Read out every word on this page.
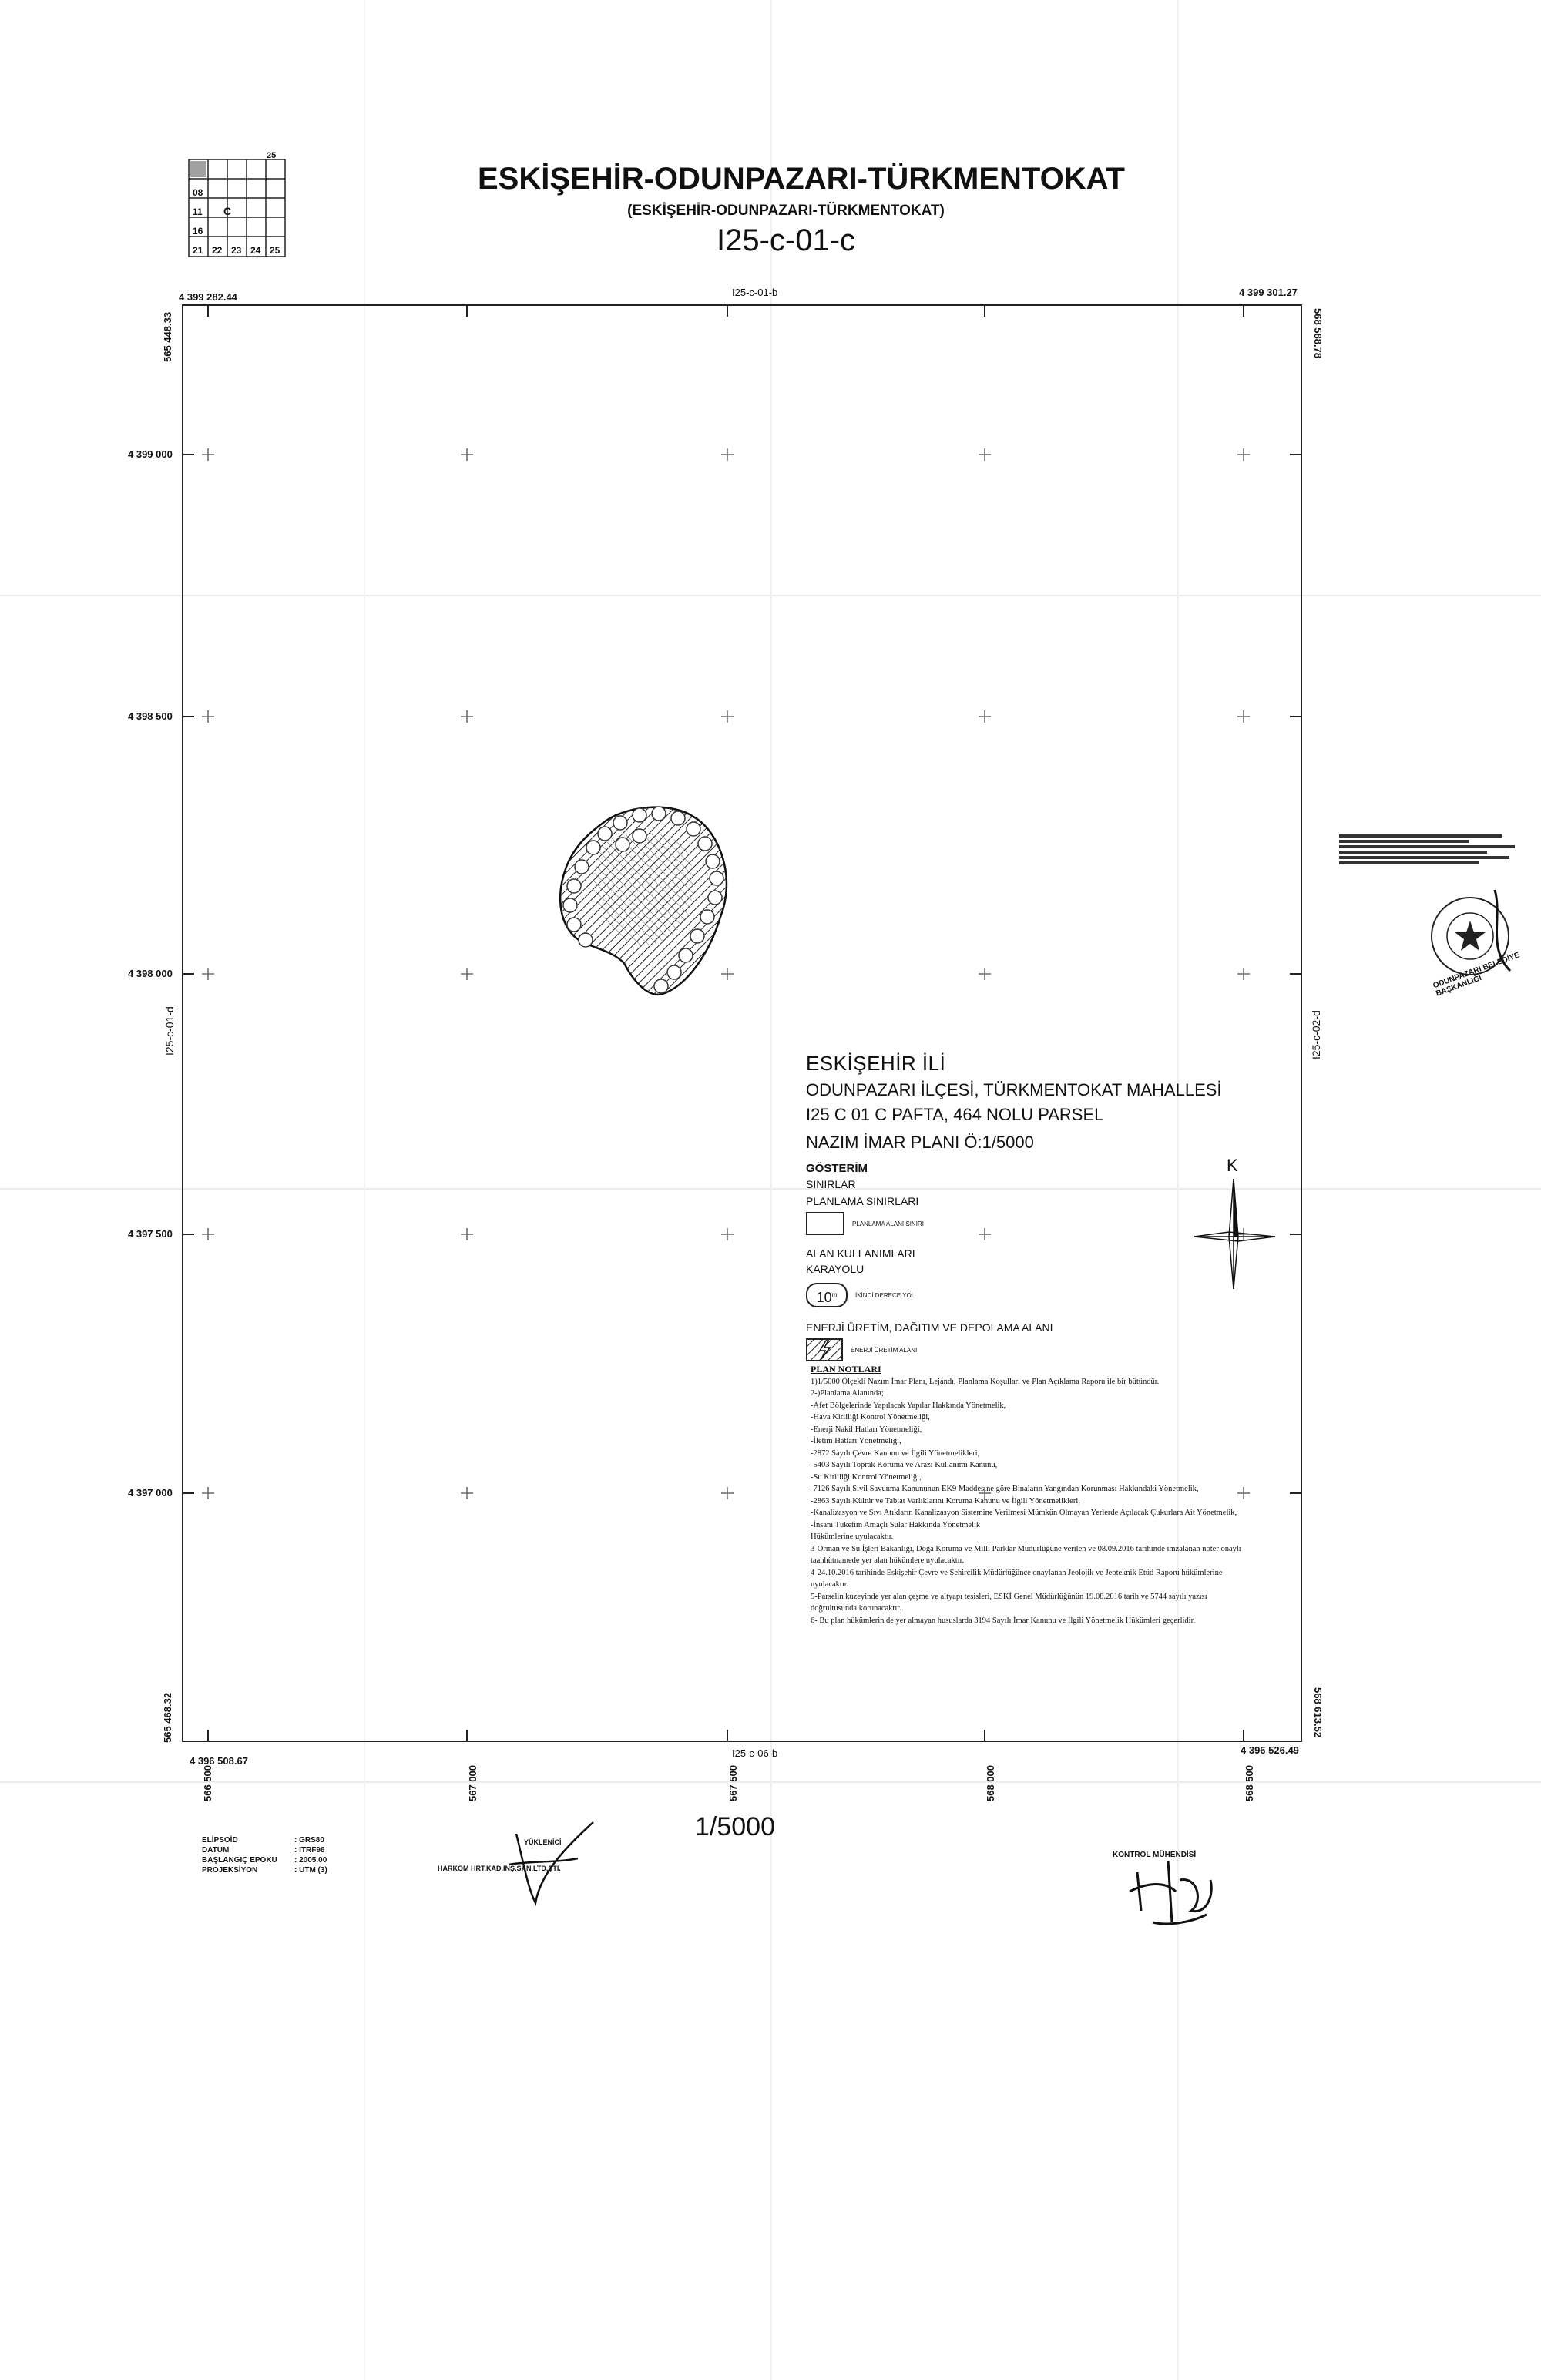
25
08
11 C
16
21 22 23 24 25
ESKİŞEHİR-ODUNPAZARI-TÜRKMENTOKAT
(ESKİŞEHİR-ODUNPAZARI-TÜRKMENTOKAT)
I25-c-01-c
4 399 282.44	4 399 301.27
4 396 508.67
4 396 526.49
I25-c-01-b
I25-c-06-b
565 448.33
565 468.32
I25-c-01-d
568 588.78
568 613.52
I25-c-02-d
4 399 000
4 398 500
4 398 000
4 397 500
4 397 000
566 500	567 000	567 500	568 000	568 500
ESKİŞEHİR İLİ
ODUNPAZARI İLÇESİ, TÜRKMENTOKAT MAHALLESİ
I25 C 01 C PAFTA, 464 NOLU PARSEL
NAZIM İMAR PLANI Ö:1/5000
GÖSTERİM
SINIRLAR
PLANLAMA SINIRLARI
PLANLAMA ALANI SINIRI
ALAN KULLANIMLARI
KARAYOLU
10$^m$	İKİNCİ DERECE YOL
ENERJİ ÜRETİM, DAĞITIM VE DEPOLAMA ALANI
ENERJİ ÜRETİM ALANI
K
PLAN NOTLARI
1)1/5000 Ölçekli Nazım İmar Planı, Lejandı, Planlama Koşulları ve Plan Açıklama Raporu ile bir bütündür.
2-)Planlama Alanında;
-Afet Bölgelerinde Yapılacak Yapılar Hakkında Yönetmelik,
-Hava Kirliliği Kontrol Yönetmeliği,
-Enerji Nakil Hatları Yönetmeliği,
-İletim Hatları Yönetmeliği,
-2872 Sayılı Çevre Kanunu ve İlgili Yönetmelikleri,
-5403 Sayılı Toprak Koruma ve Arazi Kullanımı Kanunu,
-Su Kirliliği Kontrol Yönetmeliği,
-7126 Sayılı Sivil Savunma Kanununun EK9 Maddesine göre Binaların Yangından Korunması Hakkındaki Yönetmelik,
-2863 Sayılı Kültür ve Tabiat Varlıklarını Koruma Kanunu ve İlgili Yönetmelikleri,
-Kanalizasyon ve Sıvı Atıkların Kanalizasyon Sistemine Verilmesi Mümkün Olmayan Yerlerde Açılacak Çukurlara Ait Yönetmelik,
-İnsanı Tüketim Amaçlı Sular Hakkında Yönetmelik
Hükümlerine uyulacaktır.
3-Orman ve Su İşleri Bakanlığı, Doğa Koruma ve Milli Parklar Müdürlüğüne verilen ve 08.09.2016 tarihinde imzalanan noter onaylı taahhütnamede yer alan hükümlere uyulacaktır.
4-24.10.2016 tarihinde Eskişehir Çevre ve Şehircilik Müdürlüğünce onaylanan Jeolojik ve Jeoteknik Etüd Raporu hükümlerine uyulacaktır.
5-Parselin kuzeyinde yer alan çeşme ve altyapı tesisleri, ESKİ Genel Müdürlüğünün 19.08.2016 tarih ve 5744 sayılı yazısı doğrultusunda korunacaktır.
6- Bu plan hükümlerin de yer almayan hususlarda 3194 Sayılı İmar Kanunu ve İlgili Yönetmelik Hükümleri geçerlidir.
ODUNPAZARI BELEDİYE BAŞKANLIĞI
1/5000
ELİPSOİD	: GRS80
DATUM	: ITRF96
BAŞLANGIÇ EPOKU	: 2005.00
PROJEKSİYON	: UTM (3)
YÜKLENİCİ
HARKOM HRT.KAD.İNŞ.SAN.LTD.ŞTİ.
KONTROL MÜHENDİSİ
